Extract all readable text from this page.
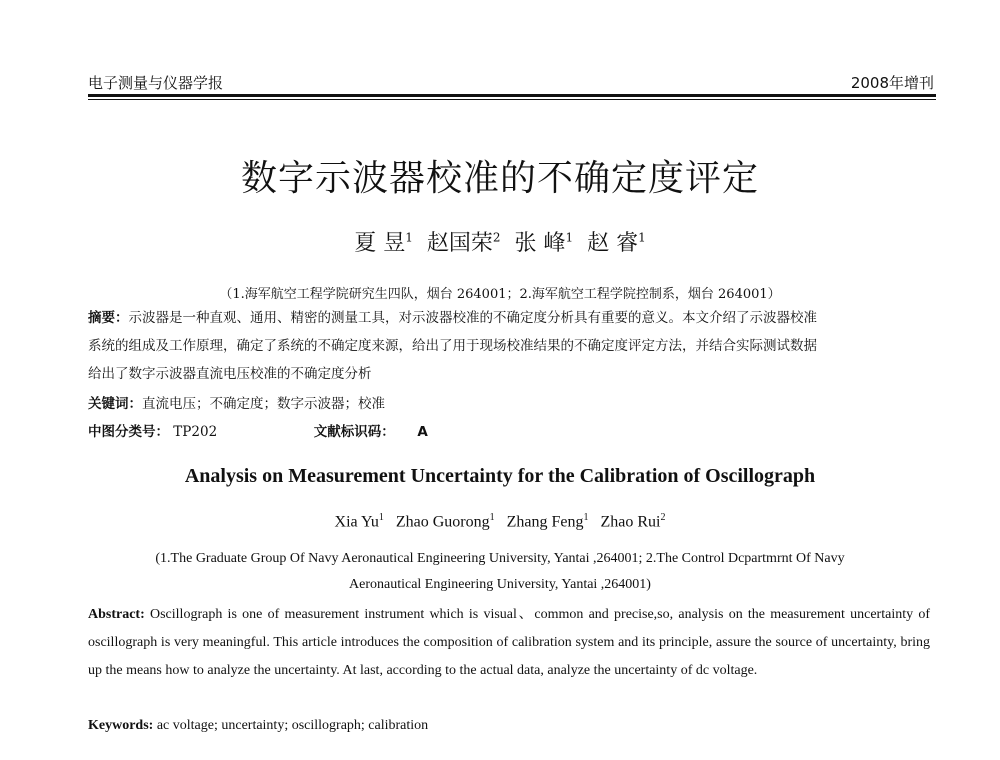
电子测量与仪器学报	2008年增刊
数字示波器校准的不确定度评定
夏 昱$^1$ 赵国荣$^2$ 张 峰$^1$ 赵 睿$^1$
（1.海军航空工程学院研究生四队，烟台 264001；2.海军航空工程学院控制系，烟台 264001）
摘要：示波器是一种直观、通用、精密的测量工具，对示波器校准的不确定度分析具有重要的意义。本文介绍了示波器校准
系统的组成及工作原理，确定了系统的不确定度来源，给出了用于现场校准结果的不确定度评定方法，并结合实际测试数据
给出了数字示波器直流电压校准的不确定度分析
关键词：直流电压；不确定度；数字示波器；校准
中图分类号： TP202	文献标识码： A
Analysis on Measurement Uncertainty for the Calibration of Oscillograph
Xia Yu$^1$ Zhao Guorong$^1$ Zhang Feng$^1$ Zhao Rui$^2$
(1.The Graduate Group Of Navy Aeronautical Engineering University, Yantai ,264001; 2.The Control Dcpartmrnt Of Navy
Aeronautical Engineering University, Yantai ,264001)
Abstract: Oscillograph is one of measurement instrument which is visual、common and precise,so, analysis on the measurement uncertainty of oscillograph is very meaningful. This article introduces the composition of calibration system and its principle, assure the source of uncertainty, bring up the means how to analyze the uncertainty. At last, according to the actual data, analyze the uncertainty of dc voltage.
Keywords: ac voltage; uncertainty; oscillograph; calibration
